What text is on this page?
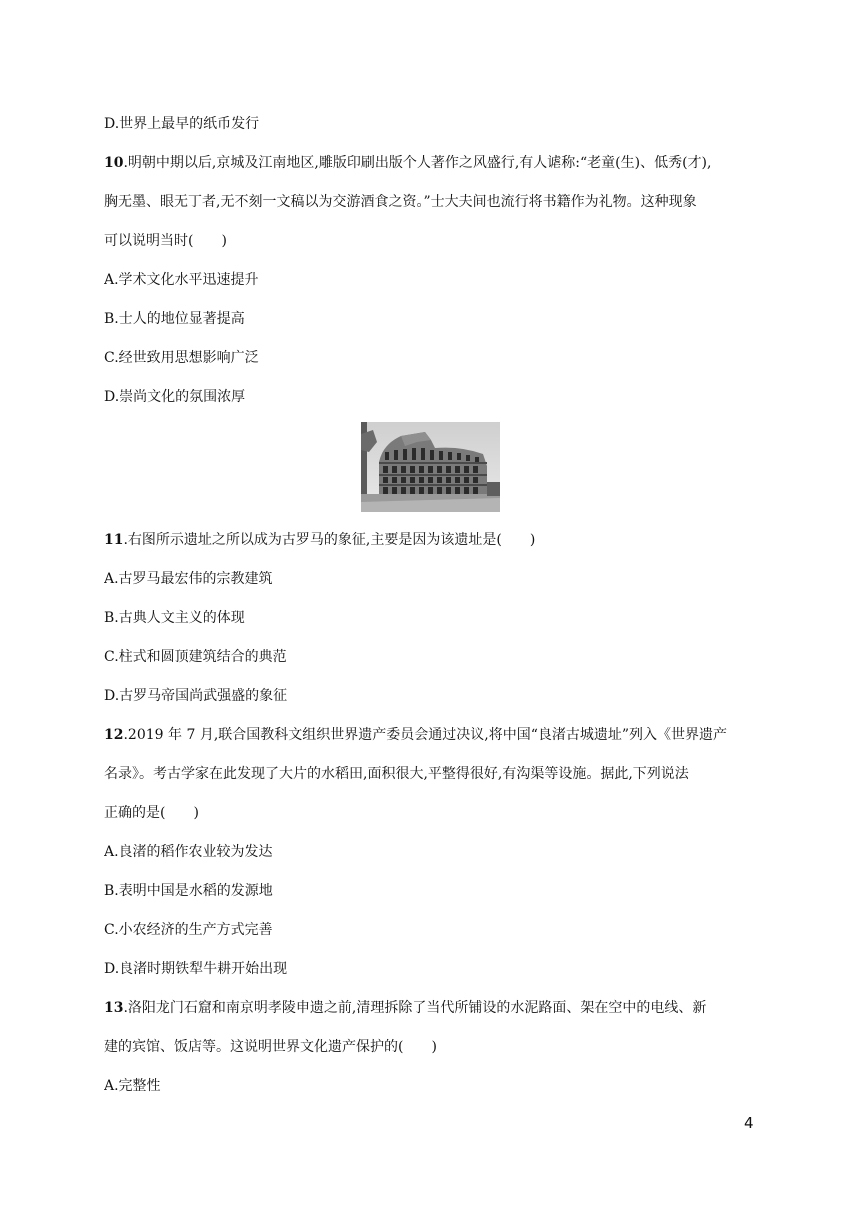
D.世界上最早的纸币发行
10.明朝中期以后,京城及江南地区,雕版印刷出版个人著作之风盛行,有人谑称:“老童(生)、低秀(才),
胸无墨、眼无丁者,无不刻一文稿以为交游酒食之资。”士大夫间也流行将书籍作为礼物。这种现象
可以说明当时(　　)
A.学术文化水平迅速提升
B.士人的地位显著提高
C.经世致用思想影响广泛
D.崇尚文化的氛围浓厚
11.右图所示遗址之所以成为古罗马的象征,主要是因为该遗址是(　　)
A.古罗马最宏伟的宗教建筑
B.古典人文主义的体现
C.柱式和圆顶建筑结合的典范
D.古罗马帝国尚武强盛的象征
12.2019 年 7 月,联合国教科文组织世界遗产委员会通过决议,将中国“良渚古城遗址”列入《世界遗产
名录》。考古学家在此发现了大片的水稻田,面积很大,平整得很好,有沟渠等设施。据此,下列说法
正确的是(　　)
A.良渚的稻作农业较为发达
B.表明中国是水稻的发源地
C.小农经济的生产方式完善
D.良渚时期铁犁牛耕开始出现
13.洛阳龙门石窟和南京明孝陵申遗之前,清理拆除了当代所铺设的水泥路面、架在空中的电线、新
建的宾馆、饭店等。这说明世界文化遗产保护的(　　)
A.完整性
4
